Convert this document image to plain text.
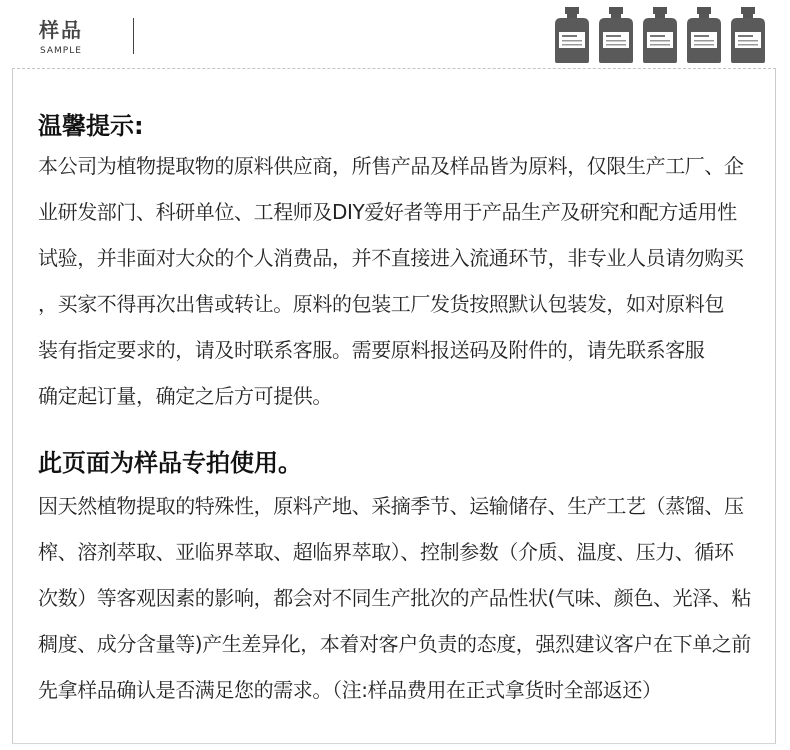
样品
SAMPLE
温馨提示:
本公司为植物提取物的原料供应商，所售产品及样品皆为原料，仅限生产工厂、企
业研发部门、科研单位、工程师及DIY爱好者等用于产品生产及研究和配方适用性
试验，并非面对大众的个人消费品，并不直接进入流通环节，非专业人员请勿购买
，买家不得再次出售或转让。原料的包装工厂发货按照默认包装发，如对原料包
装有指定要求的，请及时联系客服。需要原料报送码及附件的，请先联系客服
确定起订量，确定之后方可提供。
此页面为样品专拍使用。
因天然植物提取的特殊性，原料产地、采摘季节、运输储存、生产工艺（蒸馏、压
榨、溶剂萃取、亚临界萃取、超临界萃取）、控制参数（介质、温度、压力、循环
次数）等客观因素的影响，都会对不同生产批次的产品性状(气味、颜色、光泽、粘
稠度、成分含量等)产生差异化，本着对客户负责的态度，强烈建议客户在下单之前
先拿样品确认是否满足您的需求。（注:样品费用在正式拿货时全部返还）
